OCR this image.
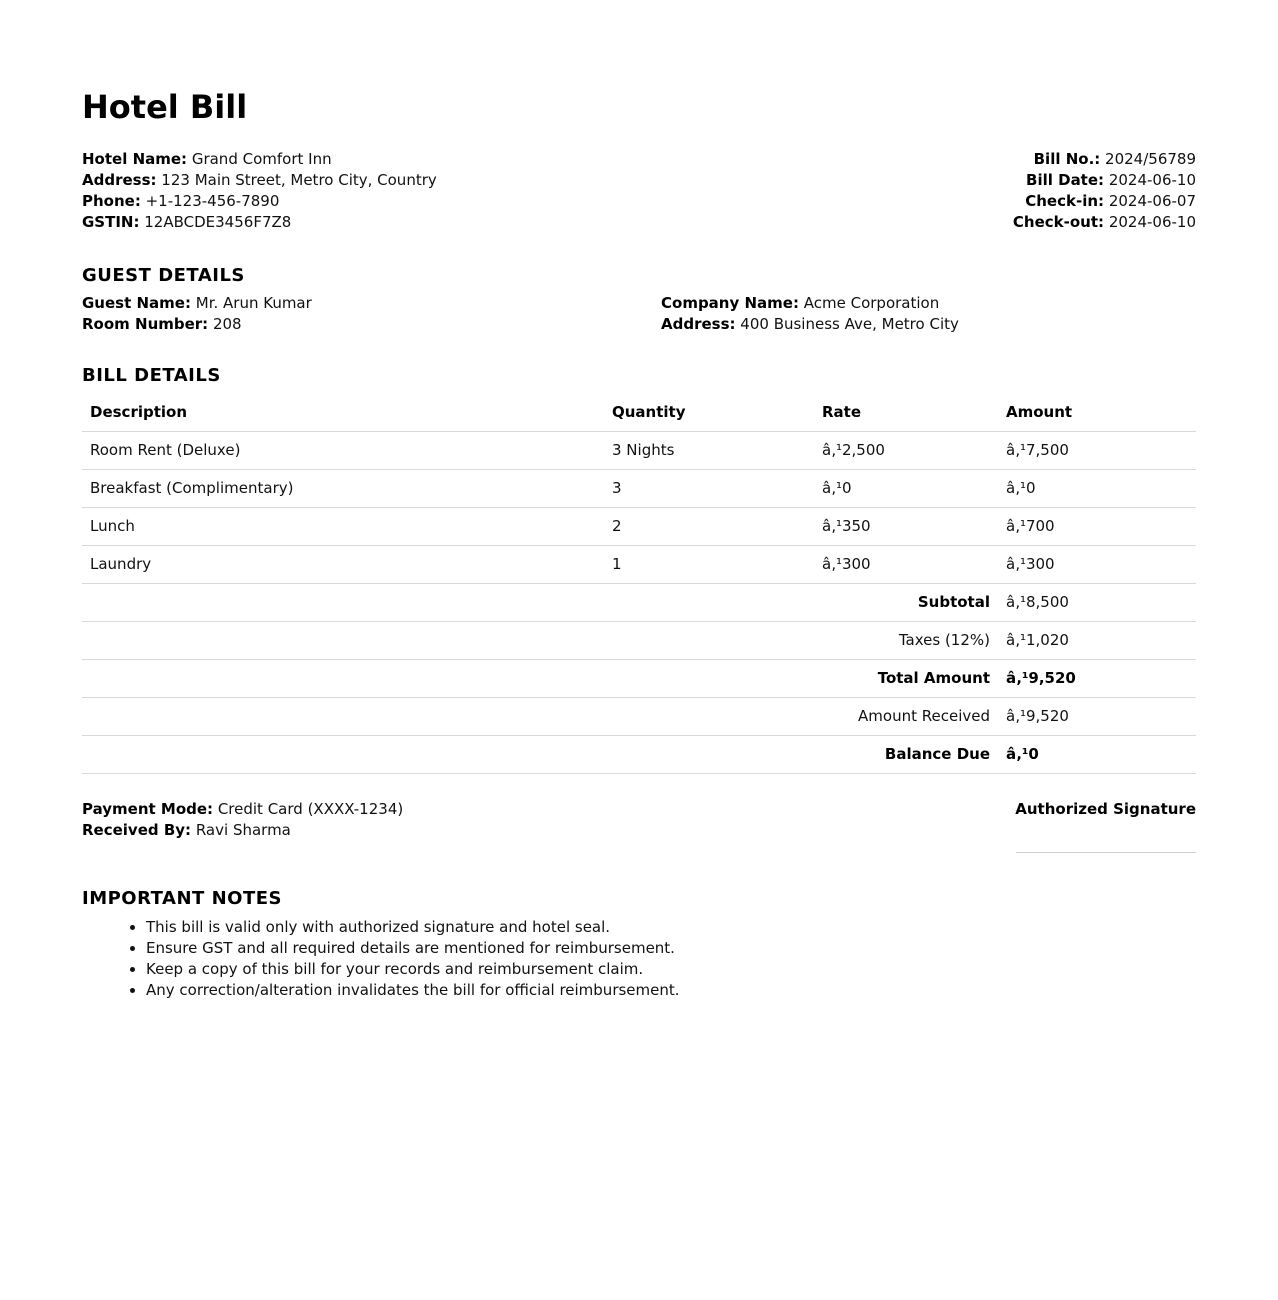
Hotel Bill
Hotel Name: Grand Comfort Inn
Address: 123 Main Street, Metro City, Country
Phone: +1-123-456-7890
GSTIN: 12ABCDE3456F7Z8
Bill No.: 2024/56789
Bill Date: 2024-06-10
Check-in: 2024-06-07
Check-out: 2024-06-10
GUEST DETAILS
Guest Name: Mr. Arun Kumar
Room Number: 208
Company Name: Acme Corporation
Address: 400 Business Ave, Metro City
BILL DETAILS
Description	Quantity	Rate	Amount
Room Rent (Deluxe)	3 Nights	â‚¹2,500	â‚¹7,500
Breakfast (Complimentary)	3	â‚¹0	â‚¹0
Lunch	2	â‚¹350	â‚¹700
Laundry	1	â‚¹300	â‚¹300
Subtotal			â‚¹8,500
Taxes (12%)			â‚¹1,020
Total Amount			â‚¹9,520
Amount Received			â‚¹9,520
Balance Due			â‚¹0
Payment Mode: Credit Card (XXXX-1234)
Received By: Ravi Sharma
Authorized Signature
IMPORTANT NOTES
• This bill is valid only with authorized signature and hotel seal.
• Ensure GST and all required details are mentioned for reimbursement.
• Keep a copy of this bill for your records and reimbursement claim.
• Any correction/alteration invalidates the bill for official reimbursement.
